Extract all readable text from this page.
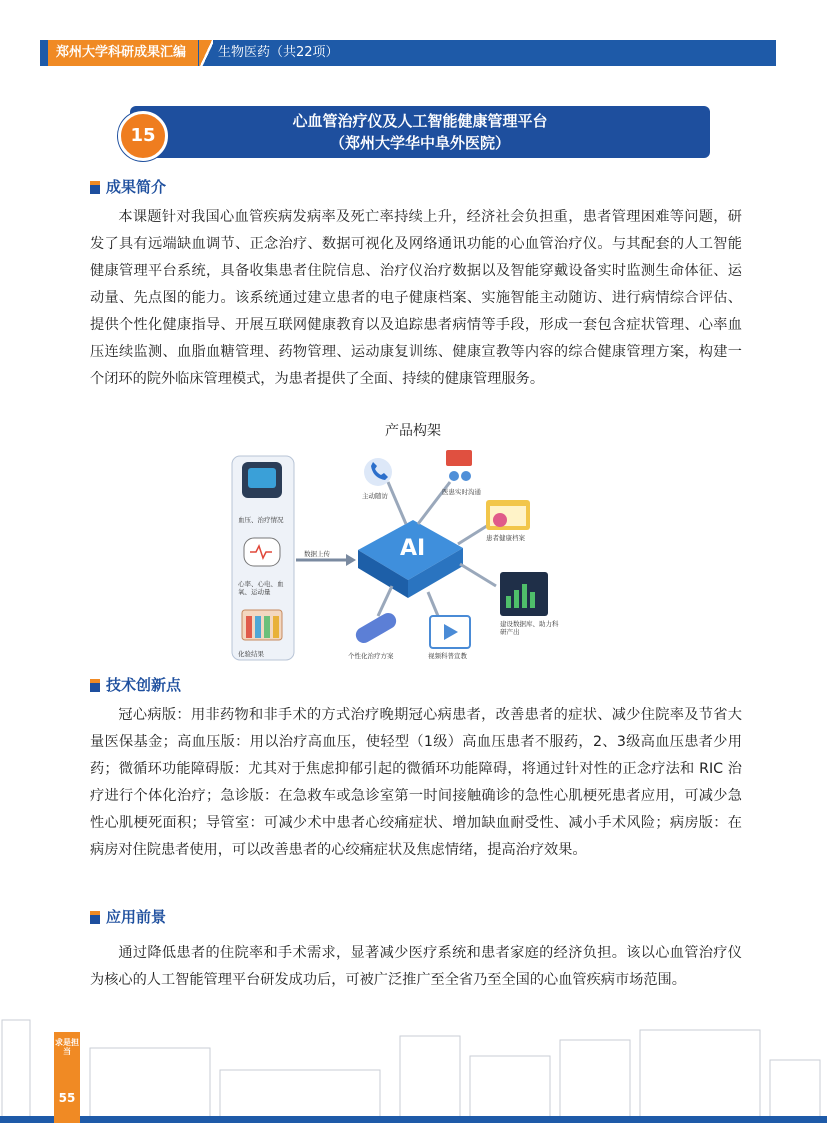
郑州大学科研成果汇编	生物医药（共22项）
心血管治疗仪及人工智能健康管理平台
（郑州大学华中阜外医院）
15
成果简介
本课题针对我国心血管疾病发病率及死亡率持续上升，经济社会负担重，患者管理困难等问题，研发了具有远端缺血调节、正念治疗、数据可视化及网络通讯功能的心血管治疗仪。与其配套的人工智能健康管理平台系统，具备收集患者住院信息、治疗仪治疗数据以及智能穿戴设备实时监测生命体征、运动量、先点图的能力。该系统通过建立患者的电子健康档案、实施智能主动随访、进行病情综合评估、提供个性化健康指导、开展互联网健康教育以及追踪患者病情等手段，形成一套包含症状管理、心率血压连续监测、血脂血糖管理、药物管理、运动康复训练、健康宣教等内容的综合健康管理方案，构建一个闭环的院外临床管理模式，为患者提供了全面、持续的健康管理服务。
产品构架
AI
血压、治疗情况
心率、心电、血氧、运动量
化验结果
数据上传
主动随访	医患实时沟通
患者健康档案
建设数据库、助力科研产出
视频科普宣教
个性化治疗方案
技术创新点
冠心病版：用非药物和非手术的方式治疗晚期冠心病患者，改善患者的症状、减少住院率及节省大量医保基金；高血压版：用以治疗高血压，使轻型（1级）高血压患者不服药，2、3级高血压患者少用药；微循环功能障碍版：尤其对于焦虑抑郁引起的微循环功能障碍，将通过针对性的正念疗法和 RIC 治疗进行个体化治疗；急诊版：在急救车或急诊室第一时间接触确诊的急性心肌梗死患者应用，可减少急性心肌梗死面积；导管室：可减少术中患者心绞痛症状、增加缺血耐受性、减小手术风险；病房版：在病房对住院患者使用，可以改善患者的心绞痛症状及焦虑情绪，提高治疗效果。
应用前景
通过降低患者的住院率和手术需求，显著减少医疗系统和患者家庭的经济负担。该以心血管治疗仪为核心的人工智能管理平台研发成功后，可被广泛推广至全省乃至全国的心血管疾病市场范围。
求是担当
55
